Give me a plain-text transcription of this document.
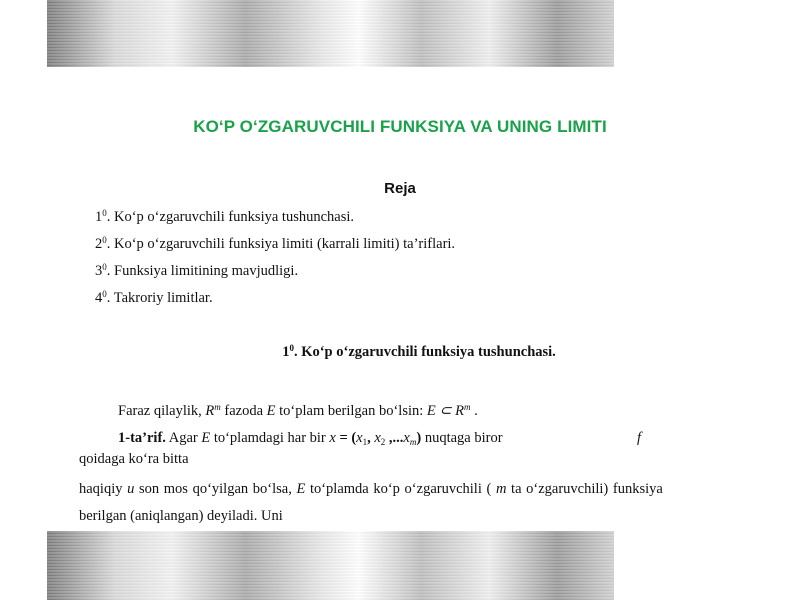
KO‘P O‘ZGARUVCHILI FUNKSIYA VA UNING LIMITI
Reja
$1^0$. Ko‘p o‘zgaruvchili funksiya tushunchasi.
$2^0$. Ko‘p o‘zgaruvchili funksiya limiti (karrali limiti) ta’riflari.
$3^0$. Funksiya limitining mavjudligi.
$4^0$. Takroriy limitlar.
$1^0$. Ko‘p o‘zgaruvchili funksiya tushunchasi.
Faraz qilaylik, $R^m$ fazoda E to‘plam berilgan bo‘lsin: E ⊂ $R^m$ .
1-ta’rif. Agar E to‘plamdagi har bir $x = (x_1$, $x_2$ $,...x_m$) nuqtaga biror	f
qoidaga ko‘ra bitta
haqiqiy u son mos qo‘yilgan bo‘lsa, E to‘plamda ko‘p o‘zgaruvchili ( m ta o‘zgaruvchili) funksiya
berilgan (aniqlangan) deyiladi. Uni
